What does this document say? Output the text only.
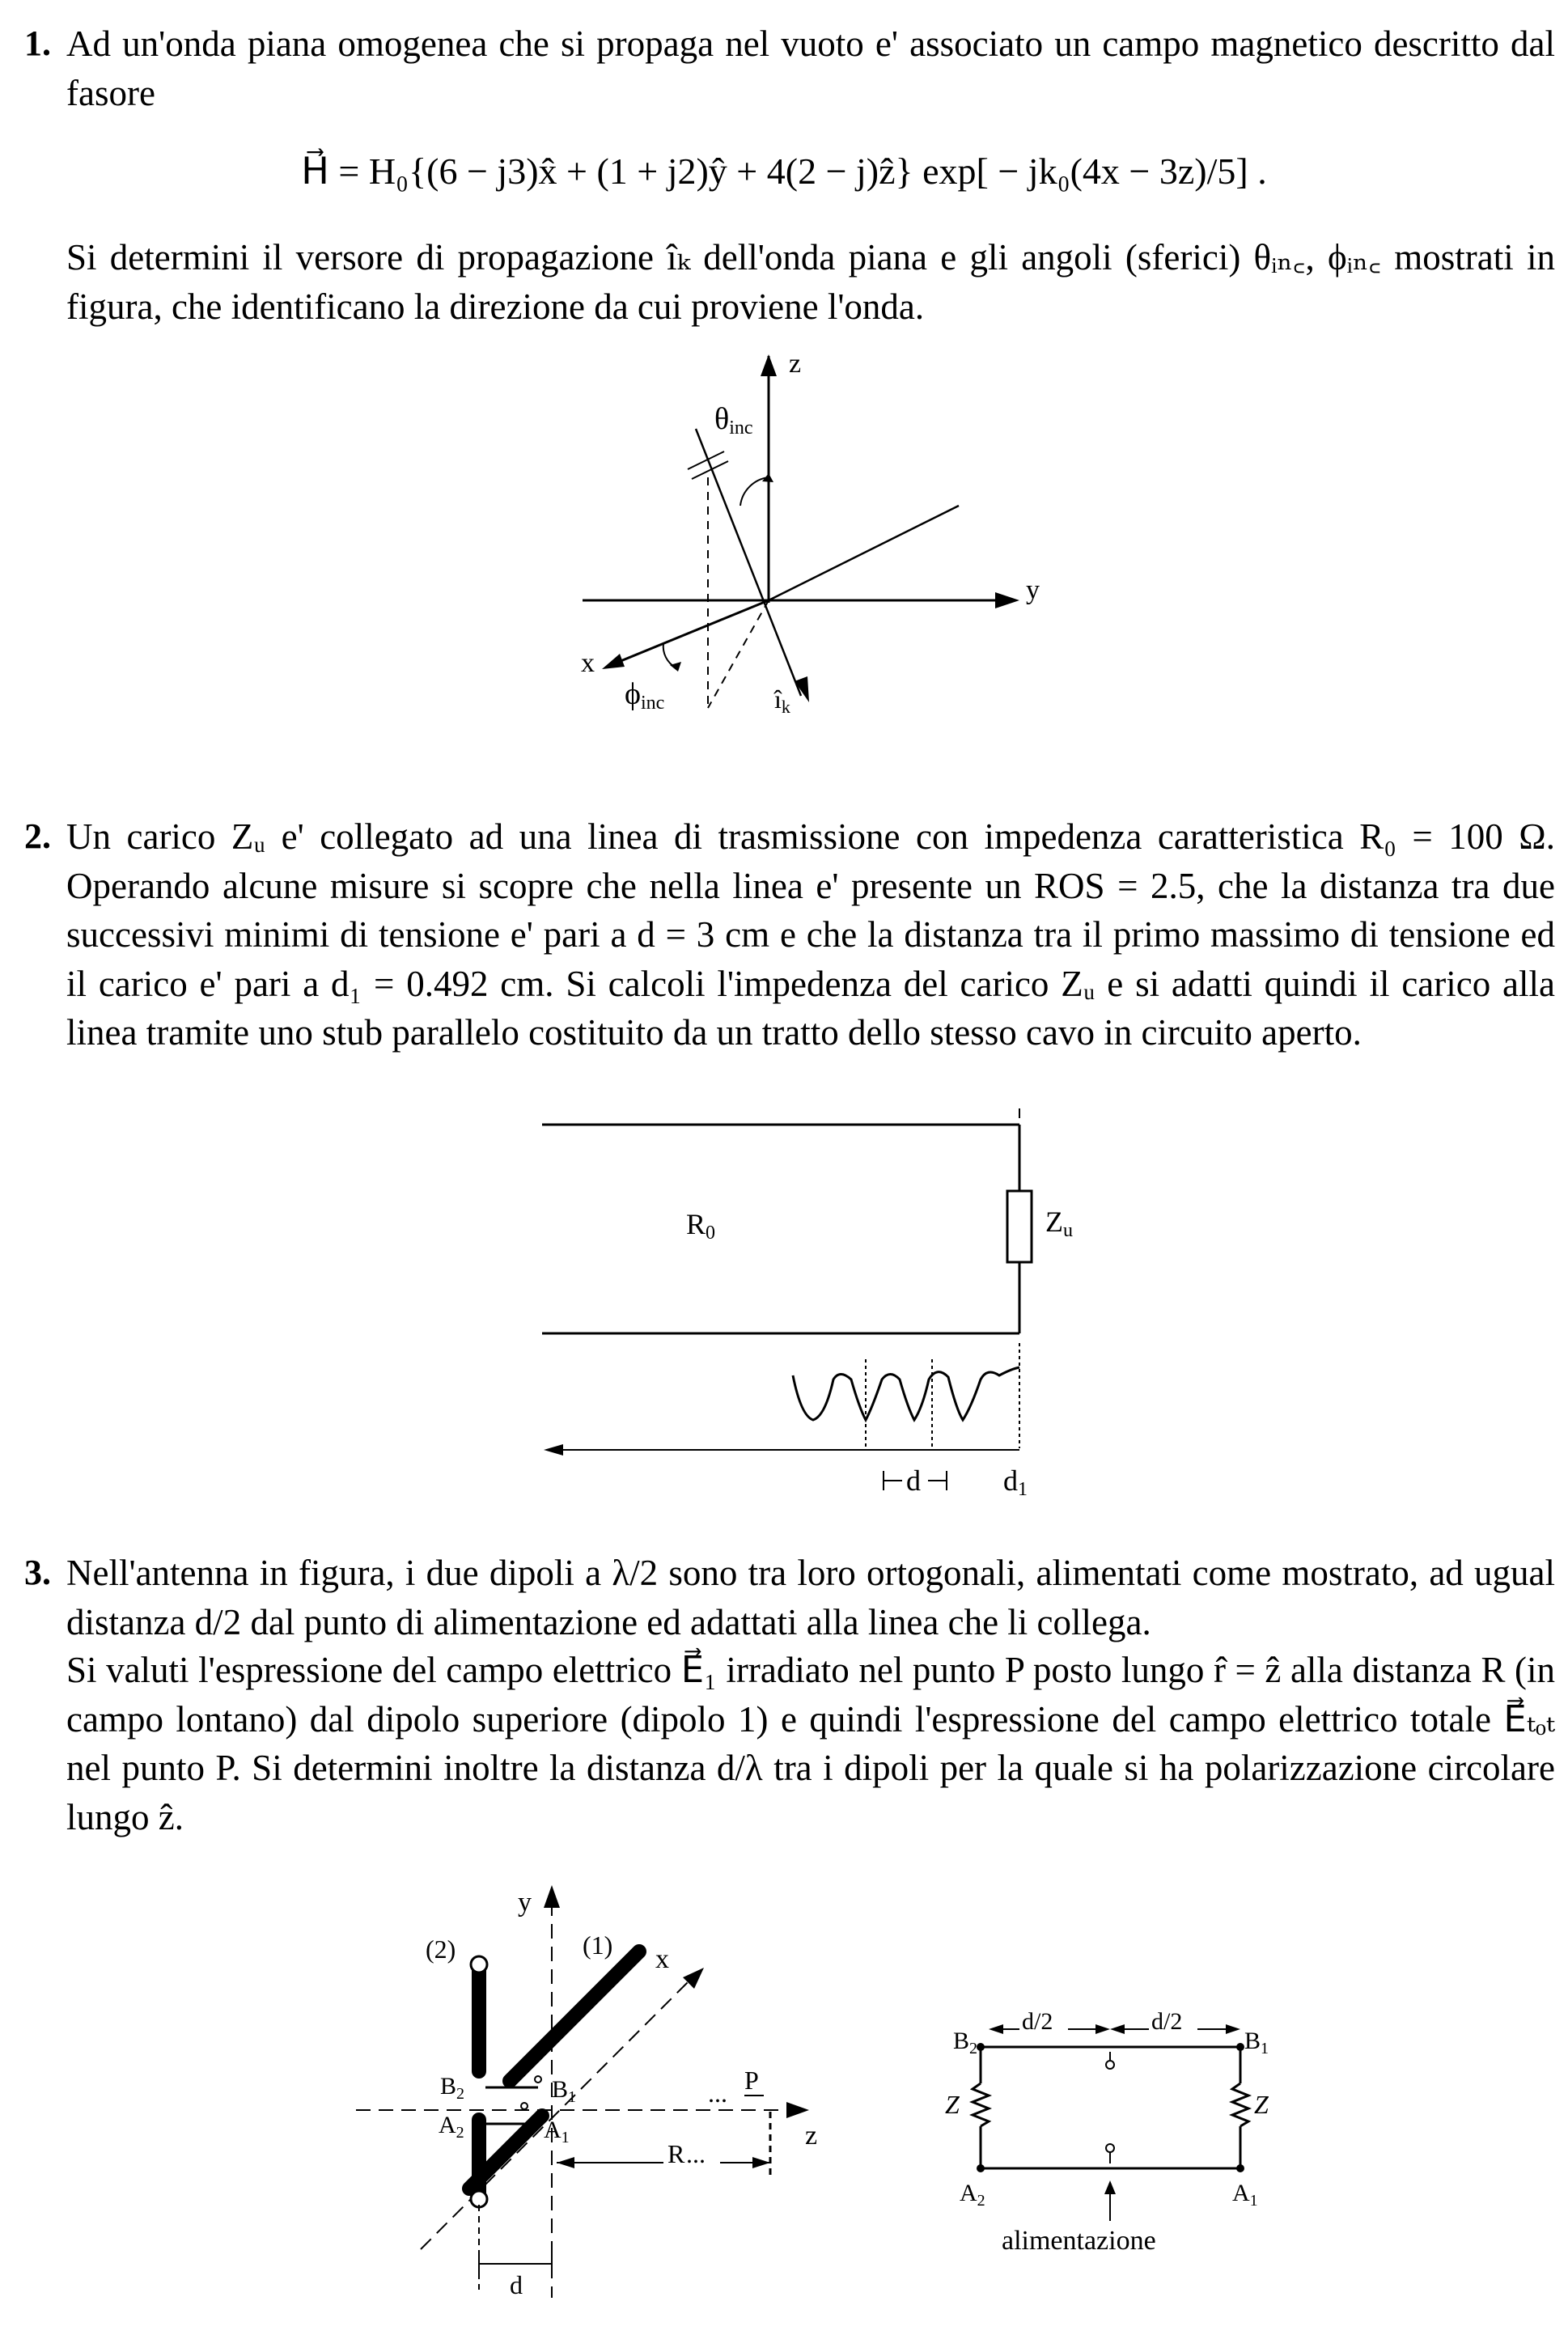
1. Ad un'onda piana omogenea che si propaga nel vuoto e' associato un campo magnetico descritto dal fasore
H⃗ = H₀{(6 − j3)x̂ + (1 + j2)ŷ + 4(2 − j)ẑ} exp[ − jk₀(4x − 3z)/5] .
Si determini il versore di propagazione îₖ dell'onda piana e gli angoli (sferici) θᵢₙ꜀, ϕᵢₙ꜀ mostrati in figura, che identificano la direzione da cui proviene l'onda.
z
y
x
θinc
ϕinc	îk
2. Un carico Zᵤ e' collegato ad una linea di trasmissione con impedenza caratteristica R₀ = 100 Ω. Operando alcune misure si scopre che nella linea e' presente un ROS = 2.5, che la distanza tra due successivi minimi di tensione e' pari a d = 3 cm e che la distanza tra il primo massimo di tensione ed il carico e' pari a d₁ = 0.492 cm. Si calcoli l'impedenza del carico Zᵤ e si adatti quindi il carico alla linea tramite uno stub parallelo costituito da un tratto dello stesso cavo in circuito aperto.
R0	Zu
d	d1
3. Nell'antenna in figura, i due dipoli a λ/2 sono tra loro ortogonali, alimentati come mostrato, ad ugual distanza d/2 dal punto di alimentazione ed adattati alla linea che li collega.
Si valuti l'espressione del campo elettrico E⃗₁ irradiato nel punto P posto lungo r̂ = ẑ alla distanza R (in campo lontano) dal dipolo superiore (dipolo 1) e quindi l'espressione del campo elettrico totale E⃗ₜₒₜ nel punto P. Si determini inoltre la distanza d/λ tra i dipoli per la quale si ha polarizzazione circolare lungo ẑ.
y
z
x
(2)	(1)
$B_2$	$B_1$
$A_2$	$A_1$
P
...
R ...
d
d/2	d/2
$B_2$	$B_1$
Z	Z
$A_2$	$A_1$
alimentazione
